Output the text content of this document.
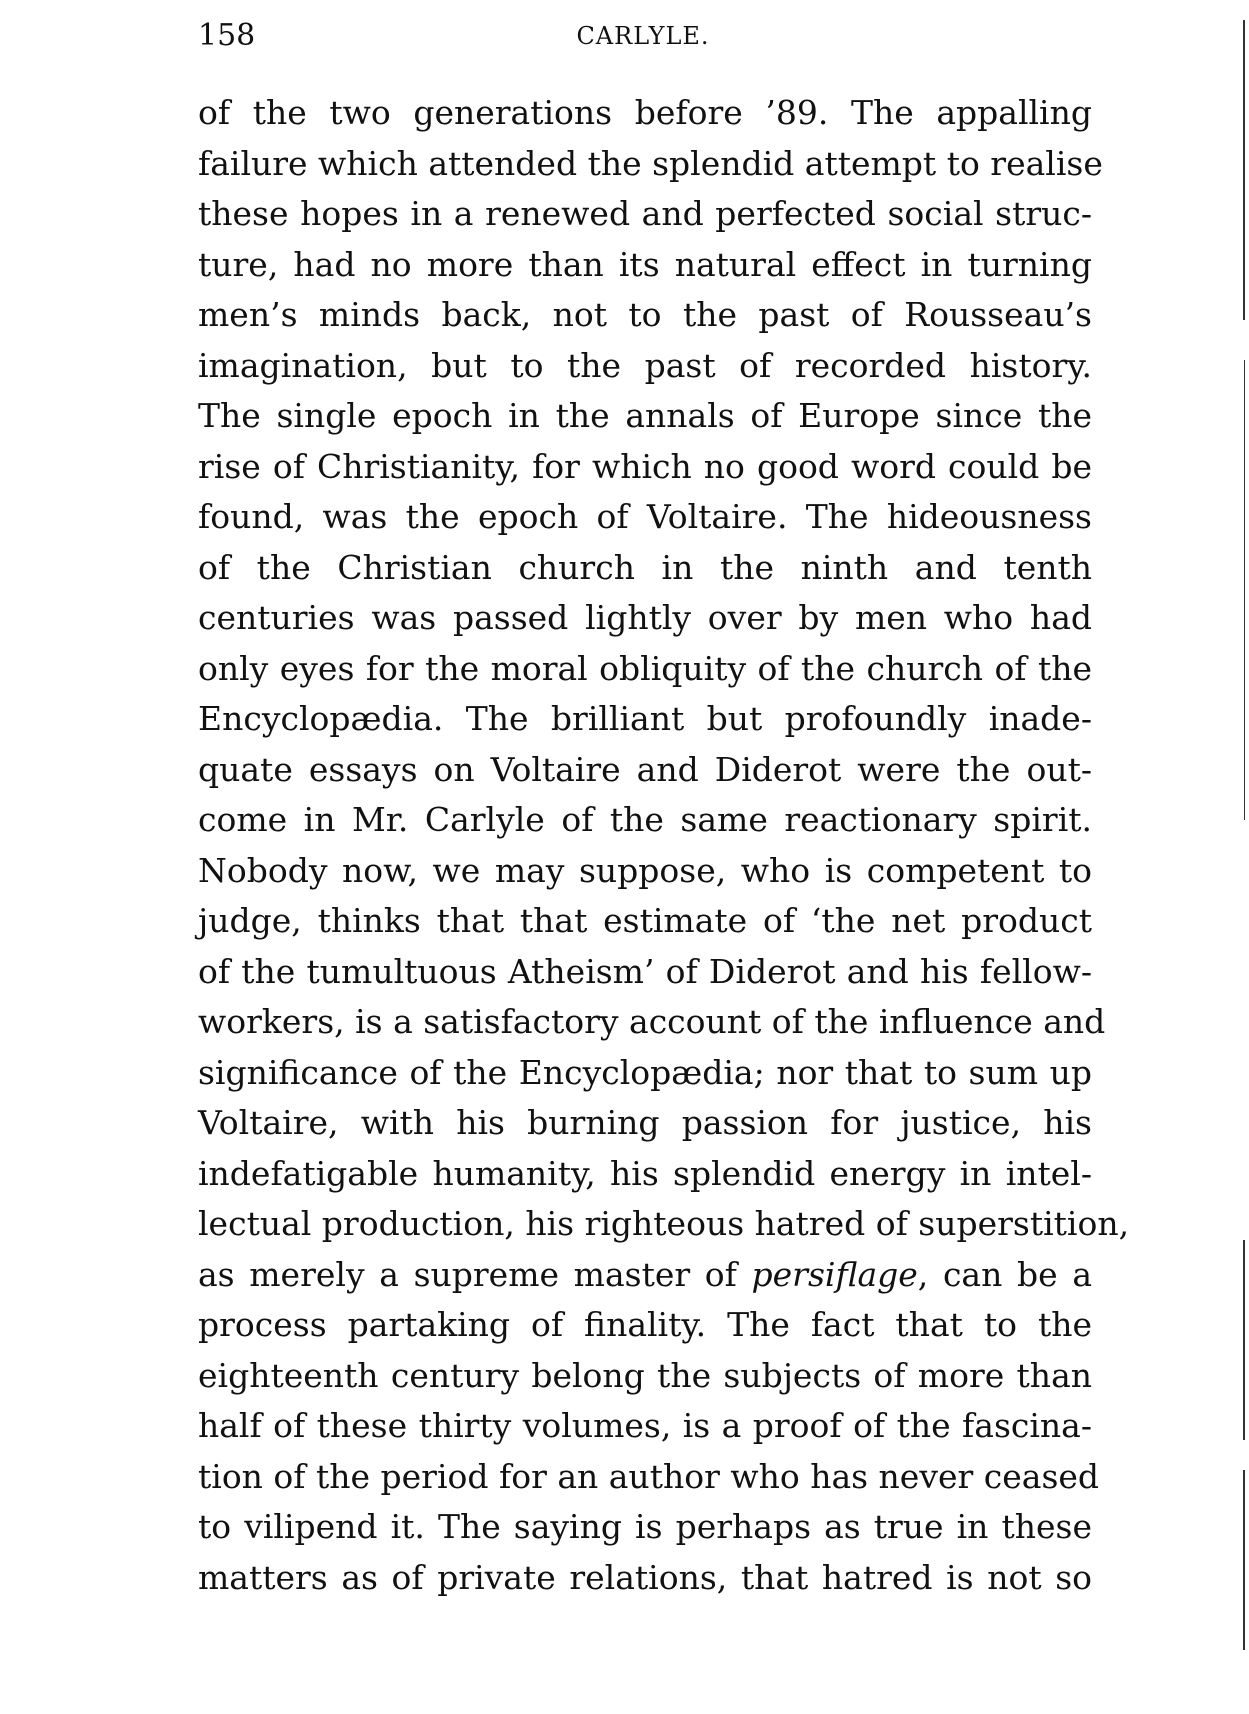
158	CARLYLE.
of the two generations before ’89. The appalling
failure which attended the splendid attempt to realise
these hopes in a renewed and perfected social struc-
ture, had no more than its natural effect in turning
men’s minds back, not to the past of Rousseau’s
imagination, but to the past of recorded history.
The single epoch in the annals of Europe since the
rise of Christianity, for which no good word could be
found, was the epoch of Voltaire. The hideousness
of the Christian church in the ninth and tenth
centuries was passed lightly over by men who had
only eyes for the moral obliquity of the church of the
Encyclopædia. The brilliant but profoundly inade-
quate essays on Voltaire and Diderot were the out-
come in Mr. Carlyle of the same reactionary spirit.
Nobody now, we may suppose, who is competent to
judge, thinks that that estimate of ‘the net product
of the tumultuous Atheism’ of Diderot and his fellow-
workers, is a satisfactory account of the influence and
significance of the Encyclopædia; nor that to sum up
Voltaire, with his burning passion for justice, his
indefatigable humanity, his splendid energy in intel-
lectual production, his righteous hatred of superstition,
as merely a supreme master of persiflage, can be a
process partaking of finality. The fact that to the
eighteenth century belong the subjects of more than
half of these thirty volumes, is a proof of the fascina-
tion of the period for an author who has never ceased
to vilipend it. The saying is perhaps as true in these
matters as of private relations, that hatred is not so
